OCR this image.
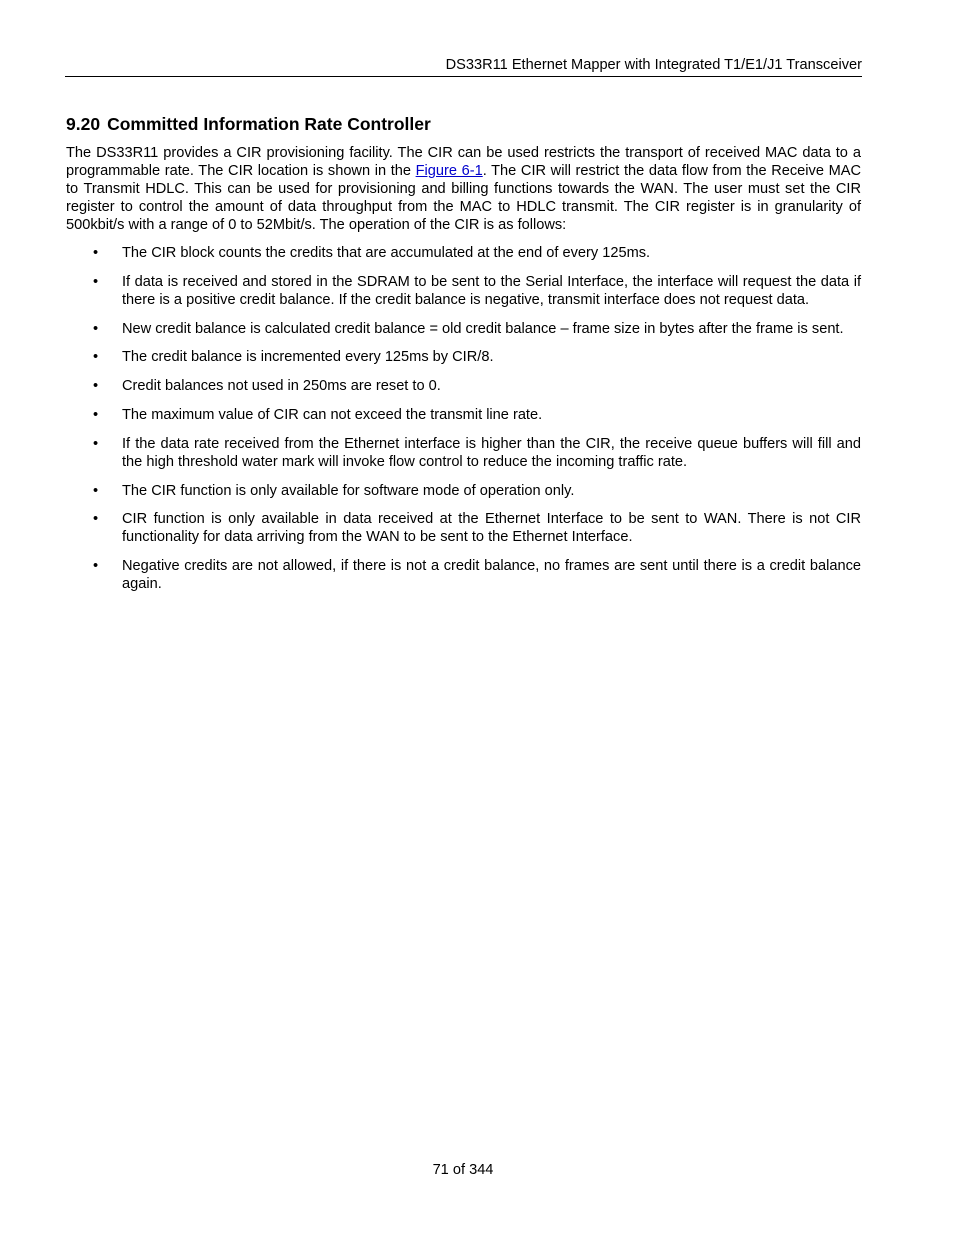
DS33R11 Ethernet Mapper with Integrated T1/E1/J1 Transceiver
9.20 Committed Information Rate Controller

The DS33R11 provides a CIR provisioning facility. The CIR can be used restricts the transport of received MAC data to a programmable rate. The CIR location is shown in the Figure 6-1. The CIR will restrict the data flow from the Receive MAC to Transmit HDLC. This can be used for provisioning and billing functions towards the WAN. The user must set the CIR register to control the amount of data throughput from the MAC to HDLC transmit. The CIR register is in granularity of 500kbit/s with a range of 0 to 52Mbit/s. The operation of the CIR is as follows:

• The CIR block counts the credits that are accumulated at the end of every 125ms.
• If data is received and stored in the SDRAM to be sent to the Serial Interface, the interface will request the data if there is a positive credit balance. If the credit balance is negative, transmit interface does not request data.
• New credit balance is calculated credit balance = old credit balance – frame size in bytes after the frame is sent.
• The credit balance is incremented every 125ms by CIR/8.
• Credit balances not used in 250ms are reset to 0.
• The maximum value of CIR can not exceed the transmit line rate.
• If the data rate received from the Ethernet interface is higher than the CIR, the receive queue buffers will fill and the high threshold water mark will invoke flow control to reduce the incoming traffic rate.
• The CIR function is only available for software mode of operation only.
• CIR function is only available in data received at the Ethernet Interface to be sent to WAN. There is not CIR functionality for data arriving from the WAN to be sent to the Ethernet Interface.
• Negative credits are not allowed, if there is not a credit balance, no frames are sent until there is a credit balance again.
71 of 344
